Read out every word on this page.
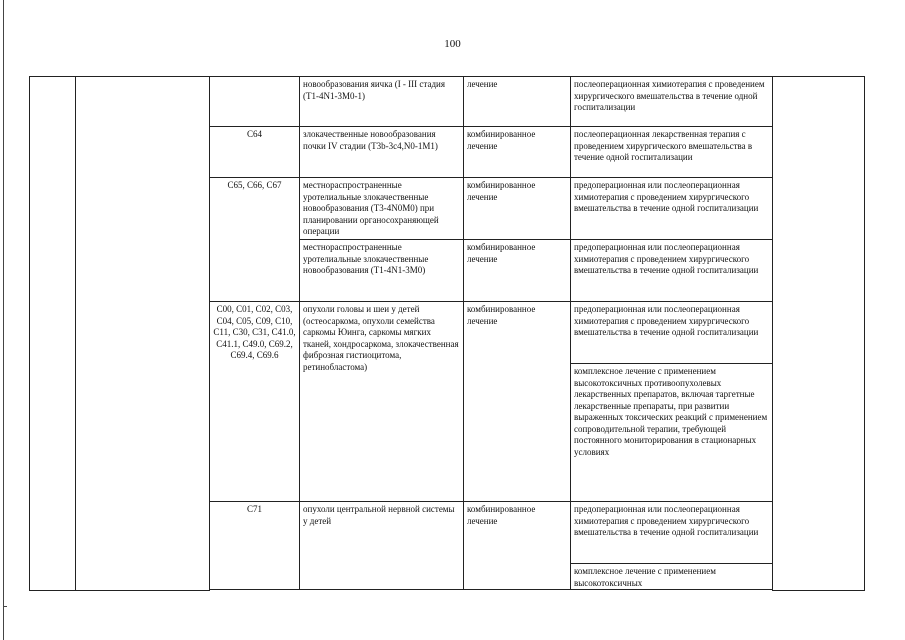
100
			новообразования яичка (I - III стадия (T1-4N1-3M0-1)	лечение	послеоперационная химиотерапия с проведением хирургического вмешательства в течение одной госпитализации	
		C64	злокачественные новообразования почки IV стадии (T3b-3c4,N0-1M1)	комбинированное лечение	послеоперационная лекарственная терапия с проведением хирургического вмешательства в течение одной госпитализации	
		C65, C66, C67	местнораспространенные уротелиальные злокачественные новообразования (T3-4N0M0) при планировании органосохраняющей операции	комбинированное лечение	предоперационная или послеоперационная химиотерапия с проведением хирургического вмешательства в течение одной госпитализации	
			местнораспространенные уротелиальные злокачественные новообразования (T1-4N1-3M0)	комбинированное лечение	предоперационная или послеоперационная химиотерапия с проведением хирургического вмешательства в течение одной госпитализации	
		C00, C01, C02, C03, C04, C05, C09, C10, C11, C30, C31, C41.0, C41.1, C49.0, C69.2, C69.4, C69.6	опухоли головы и шеи у детей (остеосаркома, опухоли семейства саркомы Юинга, саркомы мягких тканей, хондросаркома, злокачественная фиброзная гистиоцитома, ретинобластома)	комбинированное лечение	предоперационная или послеоперационная химиотерапия с проведением хирургического вмешательства в течение одной госпитализации	
					комплексное лечение с применением высокотоксичных противоопухолевых лекарственных препаратов, включая таргетные лекарственные препараты, при развитии выраженных токсических реакций с применением сопроводительной терапии, требующей постоянного мониторирования в стационарных условиях	
		C71	опухоли центральной нервной системы у детей	комбинированное лечение	предоперационная или послеоперационная химиотерапия с проведением хирургического вмешательства в течение одной госпитализации	
					комплексное лечение с применением высокотоксичных	
